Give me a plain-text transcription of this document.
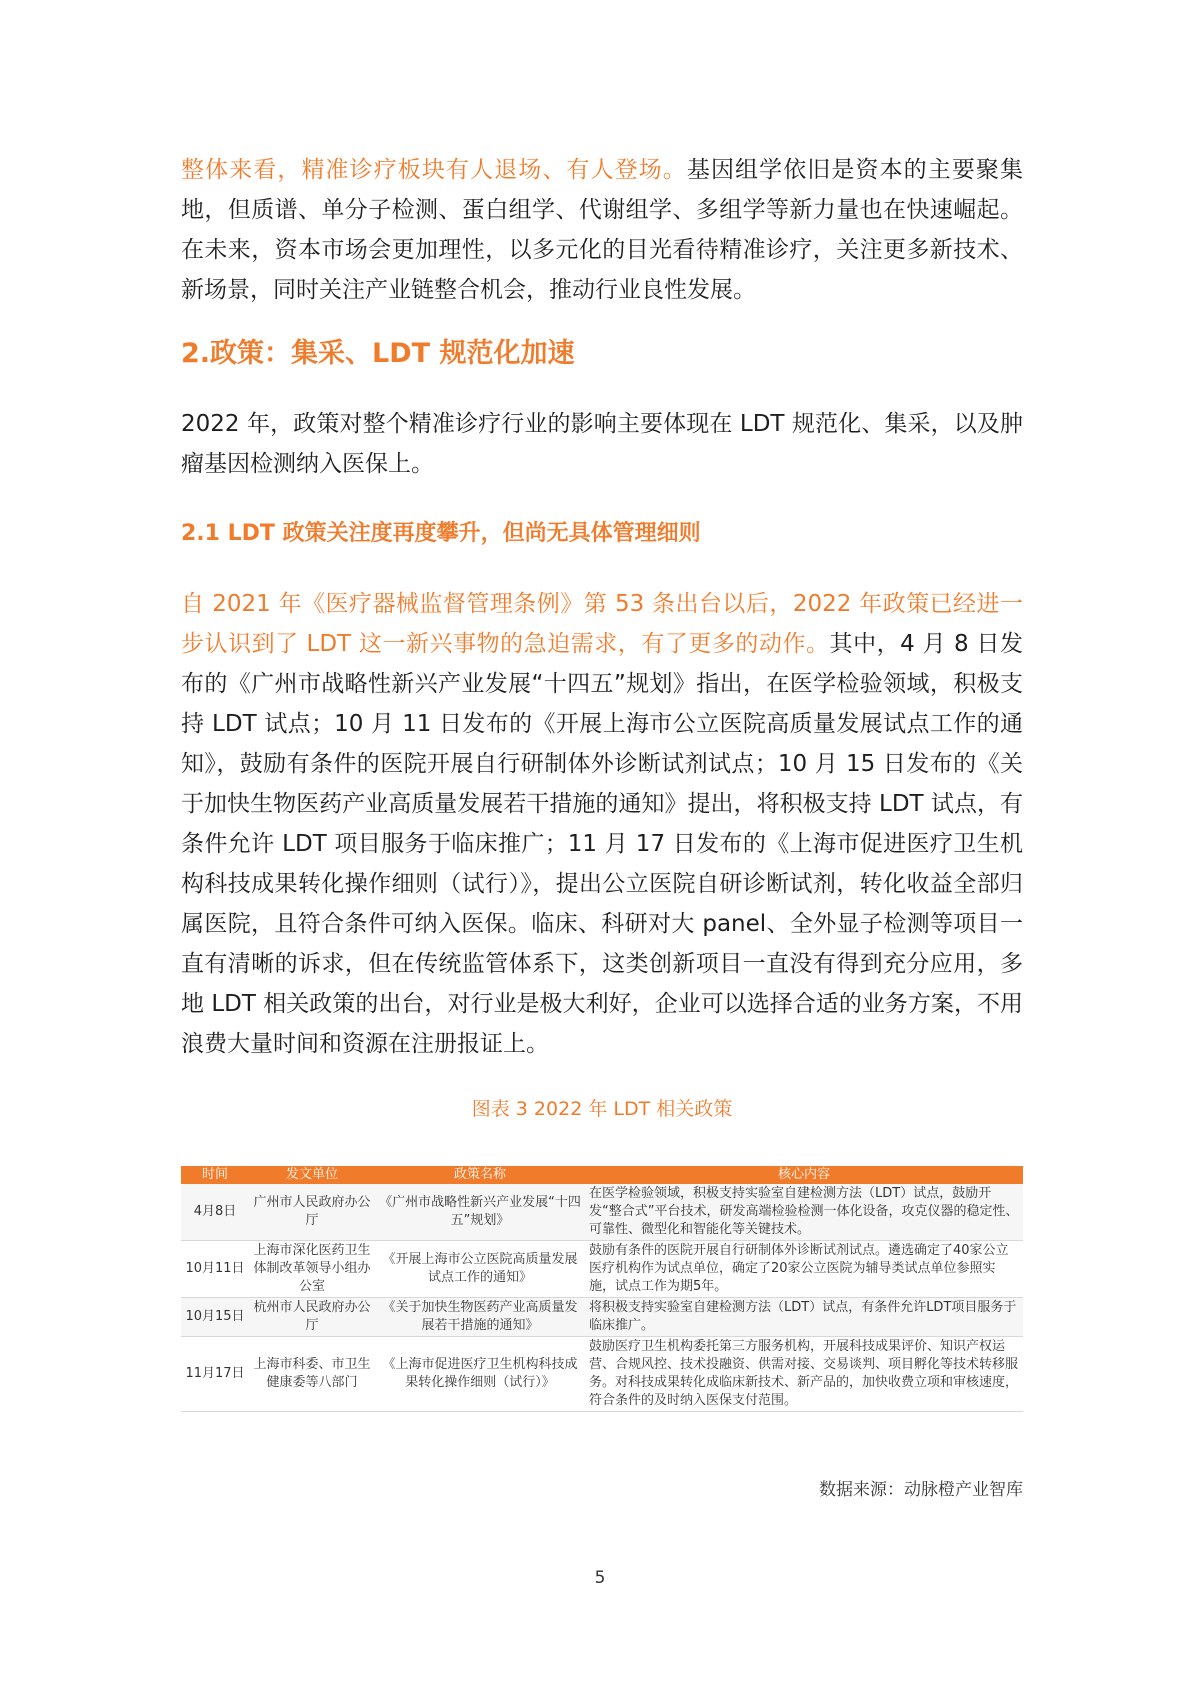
整体来看，精准诊疗板块有人退场、有人登场。基因组学依旧是资本的主要聚集地，但质谱、单分子检测、蛋白组学、代谢组学、多组学等新力量也在快速崛起。在未来，资本市场会更加理性，以多元化的目光看待精准诊疗，关注更多新技术、新场景，同时关注产业链整合机会，推动行业良性发展。

2.政策：集采、LDT 规范化加速

2022 年，政策对整个精准诊疗行业的影响主要体现在 LDT 规范化、集采，以及肿瘤基因检测纳入医保上。

2.1 LDT 政策关注度再度攀升，但尚无具体管理细则

自 2021 年《医疗器械监督管理条例》第 53 条出台以后，2022 年政策已经进一步认识到了 LDT 这一新兴事物的急迫需求，有了更多的动作。其中，4 月 8 日发布的《广州市战略性新兴产业发展“十四五”规划》指出，在医学检验领域，积极支持 LDT 试点；10 月 11 日发布的《开展上海市公立医院高质量发展试点工作的通知》，鼓励有条件的医院开展自行研制体外诊断试剂试点；10 月 15 日发布的《关于加快生物医药产业高质量发展若干措施的通知》提出，将积极支持 LDT 试点，有条件允许 LDT 项目服务于临床推广；11 月 17 日发布的《上海市促进医疗卫生机构科技成果转化操作细则（试行）》，提出公立医院自研诊断试剂，转化收益全部归属医院，且符合条件可纳入医保。临床、科研对大 panel、全外显子检测等项目一直有清晰的诉求，但在传统监管体系下，这类创新项目一直没有得到充分应用，多地 LDT 相关政策的出台，对行业是极大利好，企业可以选择合适的业务方案，不用浪费大量时间和资源在注册报证上。

图表 3 2022 年 LDT 相关政策
时间	发文单位	政策名称	核心内容
4月8日	广州市人民政府办公厅	《广州市战略性新兴产业发展“十四五”规划》	在医学检验领域，积极支持实验室自建检测方法（LDT）试点，鼓励开发“整合式”平台技术，研发高端检验检测一体化设备，攻克仪器的稳定性、可靠性、微型化和智能化等关键技术。
10月11日	上海市深化医药卫生体制改革领导小组办公室	《开展上海市公立医院高质量发展试点工作的通知》	鼓励有条件的医院开展自行研制体外诊断试剂试点。遴选确定了40家公立医疗机构作为试点单位，确定了20家公立医院为辅导类试点单位参照实施，试点工作为期5年。
10月15日	杭州市人民政府办公厅	《关于加快生物医药产业高质量发展若干措施的通知》	将积极支持实验室自建检测方法（LDT）试点，有条件允许LDT项目服务于临床推广。
11月17日	上海市科委、市卫生健康委等八部门	《上海市促进医疗卫生机构科技成果转化操作细则（试行）》	鼓励医疗卫生机构委托第三方服务机构，开展科技成果评价、知识产权运营、合规风控、技术投融资、供需对接、交易谈判、项目孵化等技术转移服务。对科技成果转化成临床新技术、新产品的，加快收费立项和审核速度，符合条件的及时纳入医保支付范围。
数据来源：动脉橙产业智库
5
